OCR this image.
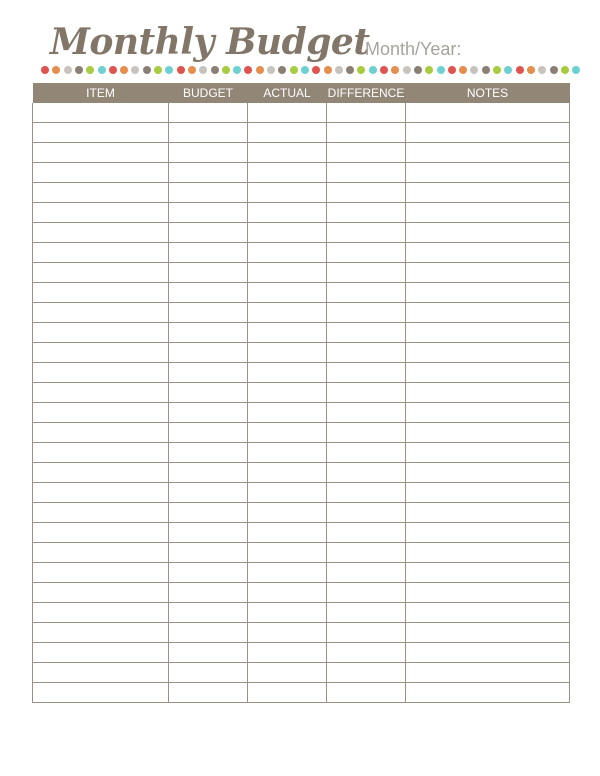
Monthly Budget
Month/Year:
ITEM	BUDGET	ACTUAL	DIFFERENCE	NOTES
